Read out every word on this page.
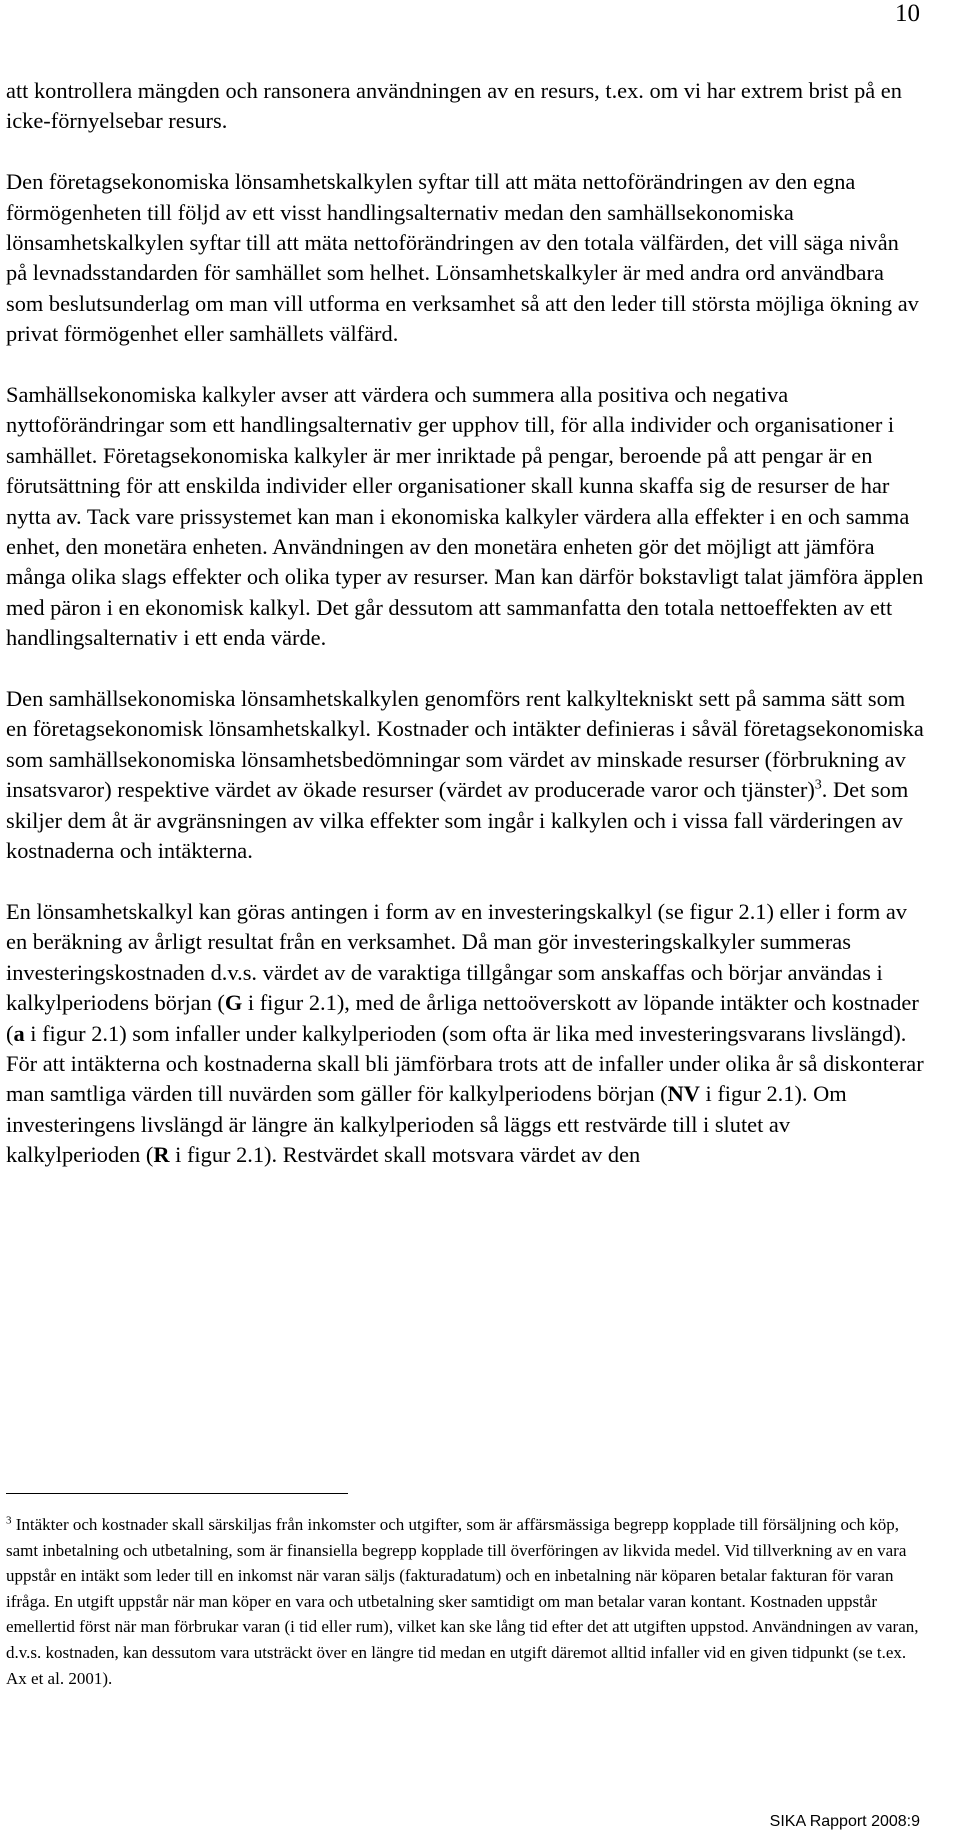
10

att kontrollera mängden och ransonera användningen av en resurs, t.ex. om vi har extrem brist på en icke-förnyelsebar resurs.

Den företagsekonomiska lönsamhetskalkylen syftar till att mäta nettoförändringen av den egna förmögenheten till följd av ett visst handlingsalternativ medan den samhällsekonomiska lönsamhetskalkylen syftar till att mäta nettoförändringen av den totala välfärden, det vill säga nivån på levnadsstandarden för samhället som helhet. Lönsamhetskalkyler är med andra ord användbara som beslutsunderlag om man vill utforma en verksamhet så att den leder till största möjliga ökning av privat förmögenhet eller samhällets välfärd.

Samhällsekonomiska kalkyler avser att värdera och summera alla positiva och negativa nyttoförändringar som ett handlingsalternativ ger upphov till, för alla individer och organisationer i samhället. Företagsekonomiska kalkyler är mer inriktade på pengar, beroende på att pengar är en förutsättning för att enskilda individer eller organisationer skall kunna skaffa sig de resurser de har nytta av. Tack vare prissystemet kan man i ekonomiska kalkyler värdera alla effekter i en och samma enhet, den monetära enheten. Användningen av den monetära enheten gör det möjligt att jämföra många olika slags effekter och olika typer av resurser. Man kan därför bokstavligt talat jämföra äpplen med päron i en ekonomisk kalkyl. Det går dessutom att sammanfatta den totala nettoeffekten av ett handlingsalternativ i ett enda värde.

Den samhällsekonomiska lönsamhetskalkylen genomförs rent kalkyltekniskt sett på samma sätt som en företagsekonomisk lönsamhetskalkyl. Kostnader och intäkter definieras i såväl företagsekonomiska som samhällsekonomiska lönsamhetsbedömningar som värdet av minskade resurser (förbrukning av insatsvaror) respektive värdet av ökade resurser (värdet av producerade varor och tjänster)$^3$. Det som skiljer dem åt är avgränsningen av vilka effekter som ingår i kalkylen och i vissa fall värderingen av kostnaderna och intäkterna.

En lönsamhetskalkyl kan göras antingen i form av en investeringskalkyl (se figur 2.1) eller i form av en beräkning av årligt resultat från en verksamhet. Då man gör investeringskalkyler summeras investeringskostnaden d.v.s. värdet av de varaktiga tillgångar som anskaffas och börjar användas i kalkylperiodens början (G i figur 2.1), med de årliga nettoöverskott av löpande intäkter och kostnader (a i figur 2.1) som infaller under kalkylperioden (som ofta är lika med investeringsvarans livslängd). För att intäkterna och kostnaderna skall bli jämförbara trots att de infaller under olika år så diskonterar man samtliga värden till nuvärden som gäller för kalkylperiodens början (NV i figur 2.1). Om investeringens livslängd är längre än kalkylperioden så läggs ett restvärde till i slutet av kalkylperioden (R i figur 2.1). Restvärdet skall motsvara värdet av den

$^3$ Intäkter och kostnader skall särskiljas från inkomster och utgifter, som är affärsmässiga begrepp kopplade till försäljning och köp, samt inbetalning och utbetalning, som är finansiella begrepp kopplade till överföringen av likvida medel. Vid tillverkning av en vara uppstår en intäkt som leder till en inkomst när varan säljs (fakturadatum) och en inbetalning när köparen betalar fakturan för varan ifråga. En utgift uppstår när man köper en vara och utbetalning sker samtidigt om man betalar varan kontant. Kostnaden uppstår emellertid först när man förbrukar varan (i tid eller rum), vilket kan ske lång tid efter det att utgiften uppstod. Användningen av varan, d.v.s. kostnaden, kan dessutom vara utsträckt över en längre tid medan en utgift däremot alltid infaller vid en given tidpunkt (se t.ex. Ax et al. 2001).
SIKA Rapport 2008:9
